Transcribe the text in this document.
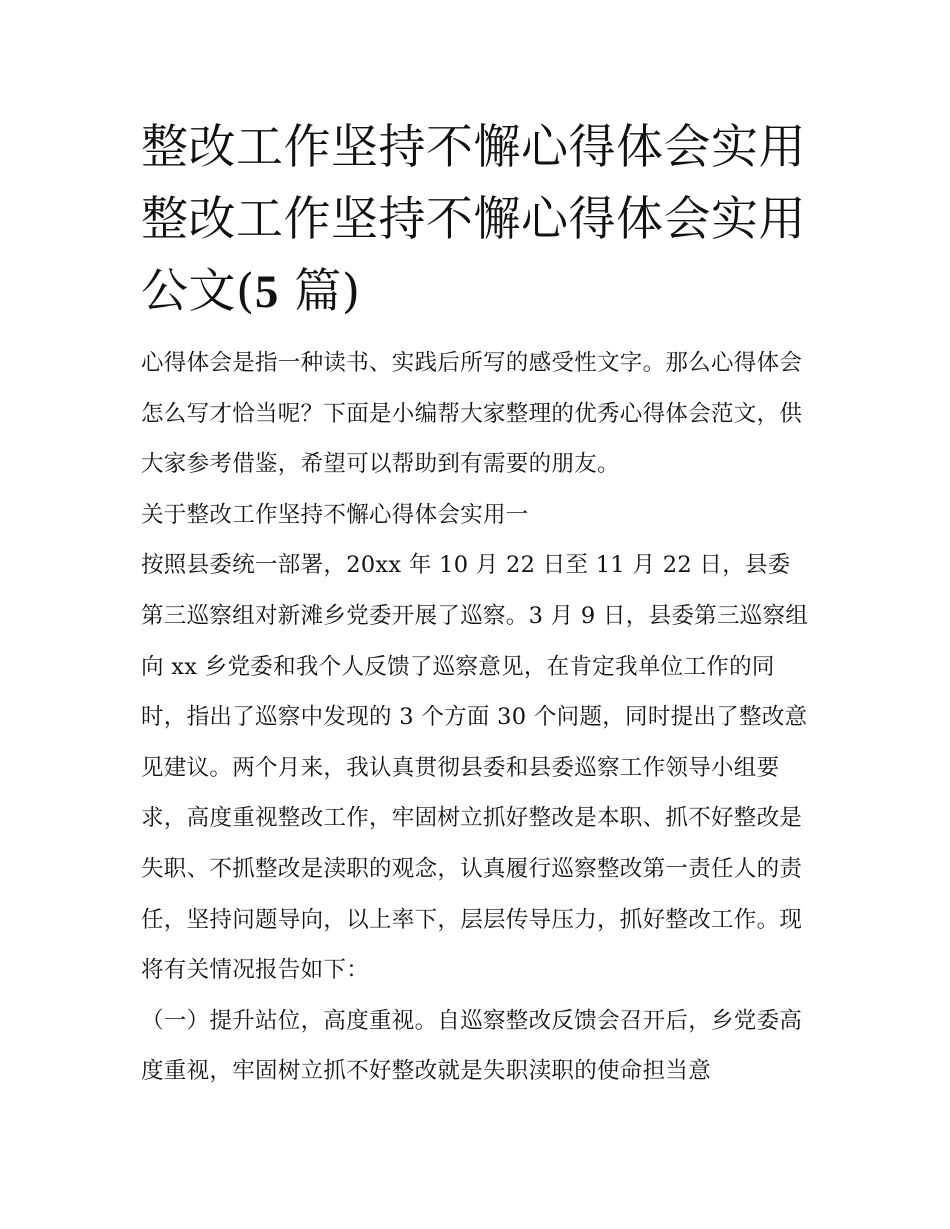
整改工作坚持不懈心得体会实用 整改工作坚持不懈心得体会实用公文(5 篇)

心得体会是指一种读书、实践后所写的感受性文字。那么心得体会怎么写才恰当呢？下面是小编帮大家整理的优秀心得体会范文，供大家参考借鉴，希望可以帮助到有需要的朋友。

关于整改工作坚持不懈心得体会实用一

按照县委统一部署，20xx 年 10 月 22 日至 11 月 22 日，县委第三巡察组对新滩乡党委开展了巡察。3 月 9 日，县委第三巡察组向 xx 乡党委和我个人反馈了巡察意见，在肯定我单位工作的同时，指出了巡察中发现的 3 个方面 30 个问题，同时提出了整改意见建议。两个月来，我认真贯彻县委和县委巡察工作领导小组要求，高度重视整改工作，牢固树立抓好整改是本职、抓不好整改是失职、不抓整改是渎职的观念，认真履行巡察整改第一责任人的责任，坚持问题导向，以上率下，层层传导压力，抓好整改工作。现将有关情况报告如下：

（一）提升站位，高度重视。自巡察整改反馈会召开后，乡党委高度重视，牢固树立抓不好整改就是失职渎职的使命担当意
